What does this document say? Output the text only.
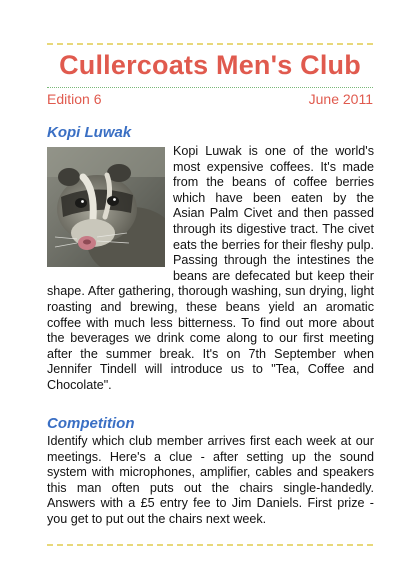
Cullercoats Men's Club
Edition 6	June 2011
Kopi Luwak
Kopi Luwak is one of the world's most expensive coffees. It's made from the beans of coffee berries which have been eaten by the Asian Palm Civet and then passed through its digestive tract. The civet eats the berries for their fleshy pulp. Passing through the intestines the beans are defecated but keep their shape. After gathering, thorough washing, sun drying, light roasting and brewing, these beans yield an aromatic coffee with much less bitterness. To find out more about the beverages we drink come along to our first meeting after the summer break. It's on 7th September when Jennifer Tindell will introduce us to "Tea, Coffee and Chocolate".
Competition
Identify which club member arrives first each week at our meetings. Here's a clue - after setting up the sound system with microphones, amplifier, cables and speakers this man often puts out the chairs single-handedly. Answers with a £5 entry fee to Jim Daniels. First prize - you get to put out the chairs next week.
